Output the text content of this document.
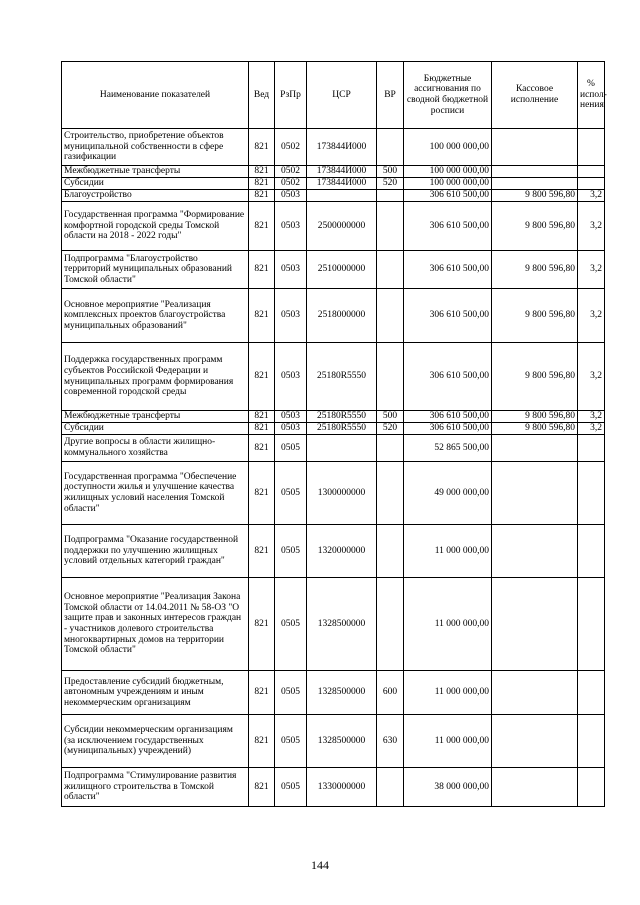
Наименование показателей	Вед	РзПр	ЦСР	ВР	Бюджетные ассигнования по сводной бюджетной росписи	Кассовое исполнение	% испол-нения
Строительство, приобретение объектов муниципальной собственности в сфере газификации	821	0502	173844И000		100 000 000,00		
Межбюджетные трансферты	821	0502	173844И000	500	100 000 000,00		
Субсидии	821	0502	173844И000	520	100 000 000,00		
Благоустройство	821	0503			306 610 500,00	9 800 596,80	3,2
Государственная программа "Формирование комфортной городской среды Томской области на 2018 - 2022 годы"	821	0503	2500000000		306 610 500,00	9 800 596,80	3,2
Подпрограмма "Благоустройство территорий муниципальных образований Томской области"	821	0503	2510000000		306 610 500,00	9 800 596,80	3,2
Основное мероприятие "Реализация комплексных проектов благоустройства муниципальных образований"	821	0503	2518000000		306 610 500,00	9 800 596,80	3,2
Поддержка государственных программ субъектов Российской Федерации и муниципальных программ формирования современной городской среды	821	0503	25180R5550		306 610 500,00	9 800 596,80	3,2
Межбюджетные трансферты	821	0503	25180R5550	500	306 610 500,00	9 800 596,80	3,2
Субсидии	821	0503	25180R5550	520	306 610 500,00	9 800 596,80	3,2
Другие вопросы в области жилищно-коммунального хозяйства	821	0505			52 865 500,00		
Государственная программа "Обеспечение доступности жилья и улучшение качества жилищных условий населения Томской области"	821	0505	1300000000		49 000 000,00		
Подпрограмма "Оказание государственной поддержки по улучшению жилищных условий отдельных категорий граждан"	821	0505	1320000000		11 000 000,00		
Основное мероприятие "Реализация Закона Томской области от 14.04.2011 № 58-ОЗ "О защите прав и законных интересов граждан - участников долевого строительства многоквартирных домов на территории Томской области"	821	0505	1328500000		11 000 000,00		
Предоставление субсидий бюджетным, автономным учреждениям и иным некоммерческим организациям	821	0505	1328500000	600	11 000 000,00		
Субсидии некоммерческим организациям (за исключением государственных (муниципальных) учреждений)	821	0505	1328500000	630	11 000 000,00		
Подпрограмма "Стимулирование развития жилищного строительства в Томской области"	821	0505	1330000000		38 000 000,00		
144
